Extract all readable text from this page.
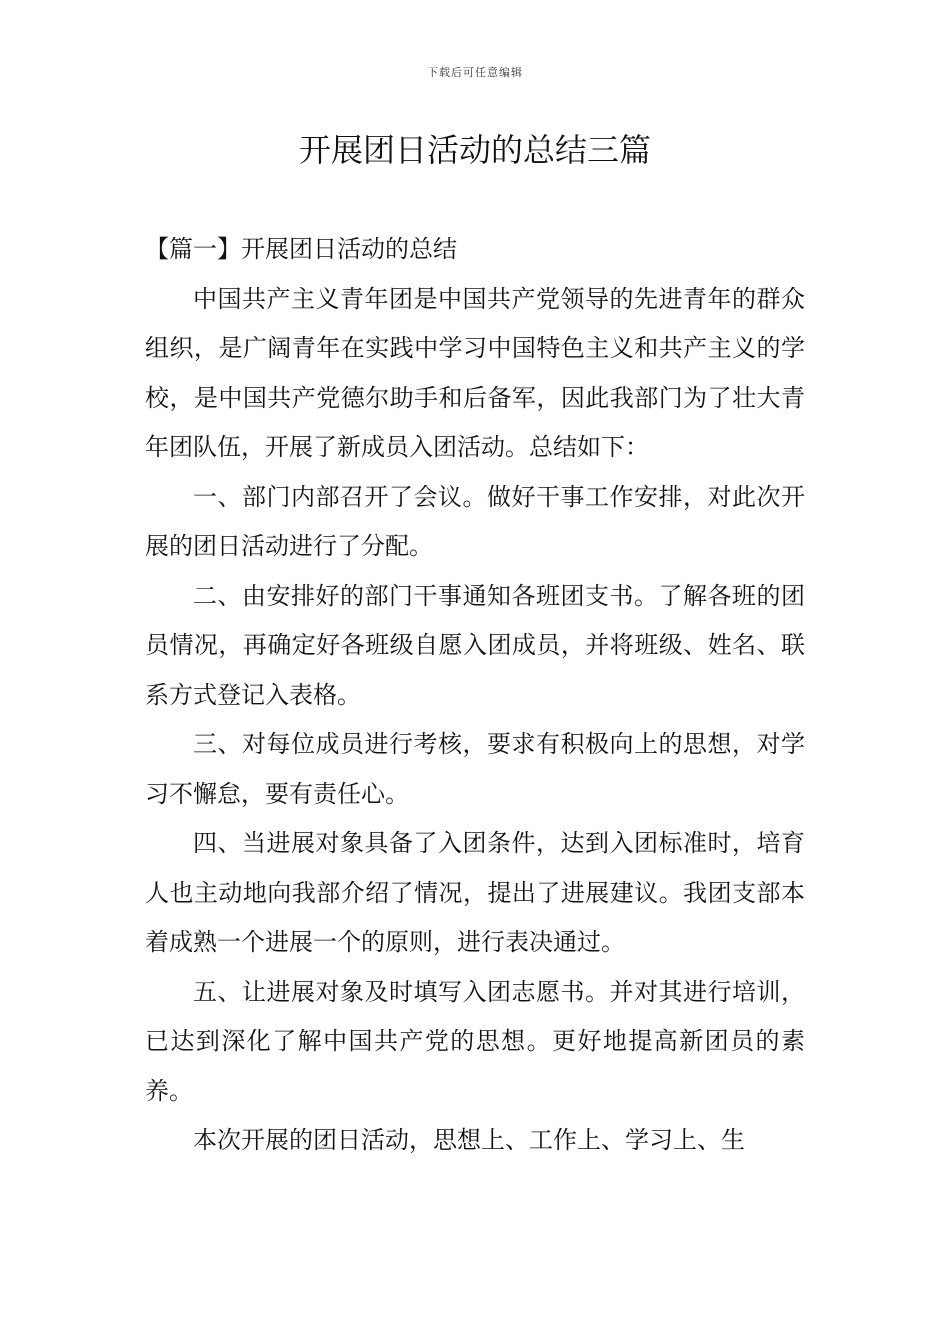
下载后可任意编辑
开展团日活动的总结三篇

【篇一】开展团日活动的总结

中国共产主义青年团是中国共产党领导的先进青年的群众组织，是广阔青年在实践中学习中国特色主义和共产主义的学校，是中国共产党德尔助手和后备军，因此我部门为了壮大青年团队伍，开展了新成员入团活动。总结如下：

一、部门内部召开了会议。做好干事工作安排，对此次开展的团日活动进行了分配。

二、由安排好的部门干事通知各班团支书。了解各班的团员情况，再确定好各班级自愿入团成员，并将班级、姓名、联系方式登记入表格。

三、对每位成员进行考核，要求有积极向上的思想，对学习不懈怠，要有责任心。

四、当进展对象具备了入团条件，达到入团标准时，培育人也主动地向我部介绍了情况，提出了进展建议。我团支部本着成熟一个进展一个的原则，进行表决通过。

五、让进展对象及时填写入团志愿书。并对其进行培训，已达到深化了解中国共产党的思想。更好地提高新团员的素养。

本次开展的团日活动，思想上、工作上、学习上、生
